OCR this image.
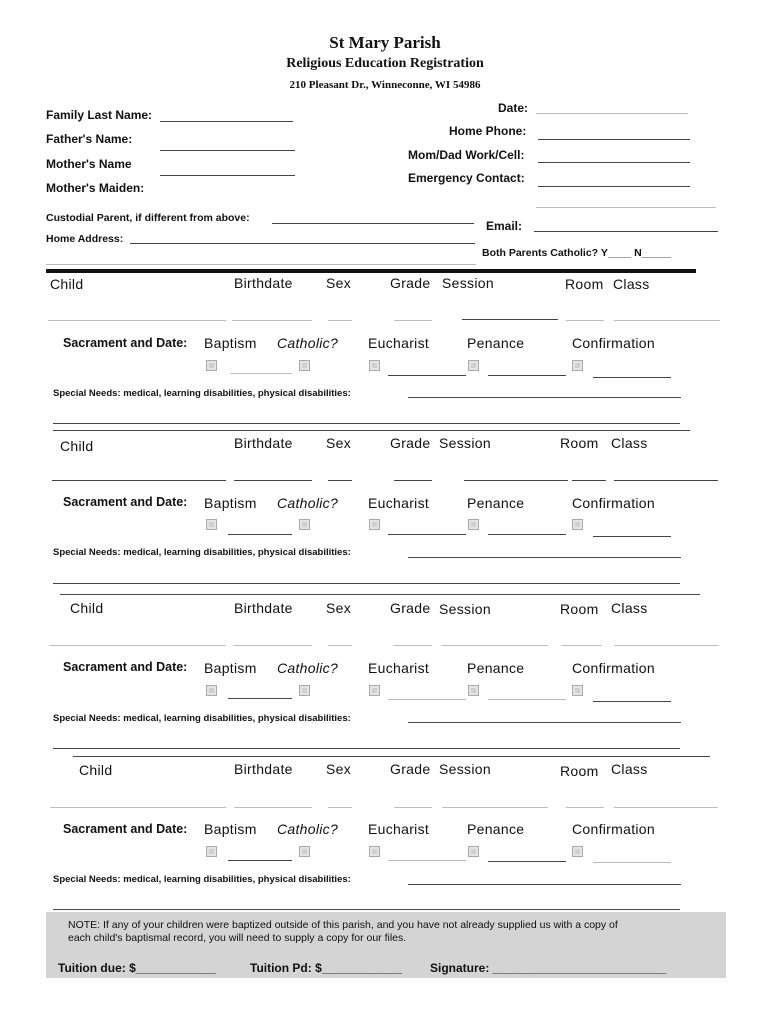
St Mary Parish
Religious Education Registration
210 Pleasant Dr., Winneconne, WI 54986
Family Last Name:
Father's Name:
Mother's Name
Mother's Maiden:
Date:
Home Phone:
Mom/Dad Work/Cell:
Emergency Contact:
Custodial Parent, if different from above:
Email:
Home Address:
Both Parents Catholic? Y____ N_____
Child	Birthdate Sex	Grade Session	Room Class
Sacrament and Date: Baptism Catholic? Eucharist	Penance	Confirmation
Special Needs: medical, learning disabilities, physical disabilities:
Child	Birthdate Sex	Grade Session	Room Class
Sacrament and Date: Baptism Catholic? Eucharist	Penance	Confirmation
Special Needs: medical, learning disabilities, physical disabilities:
Child	Birthdate Sex	Grade Session	Room Class
Sacrament and Date: Baptism Catholic? Eucharist	Penance	Confirmation
Special Needs: medical, learning disabilities, physical disabilities:
Child	Birthdate Sex	Grade Session	Room Class
Sacrament and Date: Baptism Catholic? Eucharist	Penance	Confirmation
Special Needs: medical, learning disabilities, physical disabilities:
NOTE: If any of your children were baptized outside of this parish, and you have not already supplied us with a copy of
each child's baptismal record, you will need to supply a copy for our files.
Tuition due: $____________	Tuition Pd: $____________ Signature: __________________________
